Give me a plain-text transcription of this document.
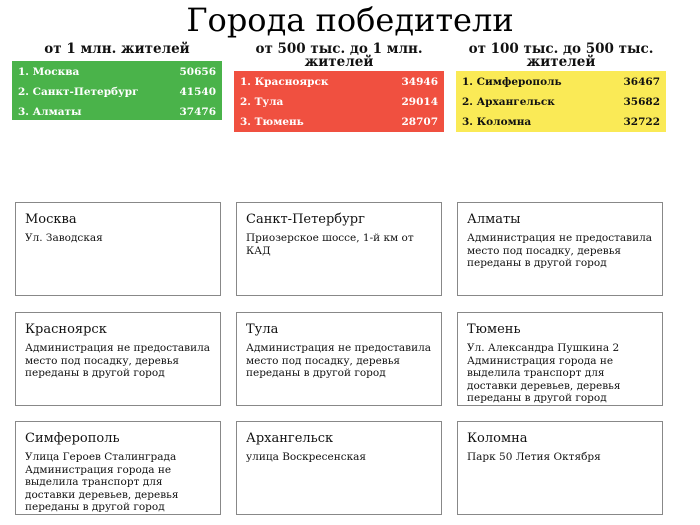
Города победители
от 1 млн. жителей
1. Москва	50656
2. Санкт-Петербург	41540
3. Алматы	37476
от 500 тыс. до 1 млн. жителей
1. Красноярск	34946
2. Тула	29014
3. Тюмень	28707
от 100 тыс. до 500 тыс. жителей
1. Симферополь	36467
2. Архангельск	35682
3. Коломна	32722
Москва
Ул. Заводская
Санкт-Петербург
Приозерское шоссе, 1-й км от КАД
Алматы
Администрация не предоставила место под посадку, деревья переданы в другой город
Красноярск
Администрация не предоставила место под посадку, деревья переданы в другой город
Тула
Администрация не предоставила место под посадку, деревья переданы в другой город
Тюмень
Ул. Александра Пушкина 2 Администрация города не выделила транспорт для доставки деревьев, деревья переданы в другой город
Симферополь
Улица Героев Сталинграда Администрация города не выделила транспорт для доставки деревьев, деревья переданы в другой город
Архангельск
улица Воскресенская
Коломна
Парк 50 Летия Октября
